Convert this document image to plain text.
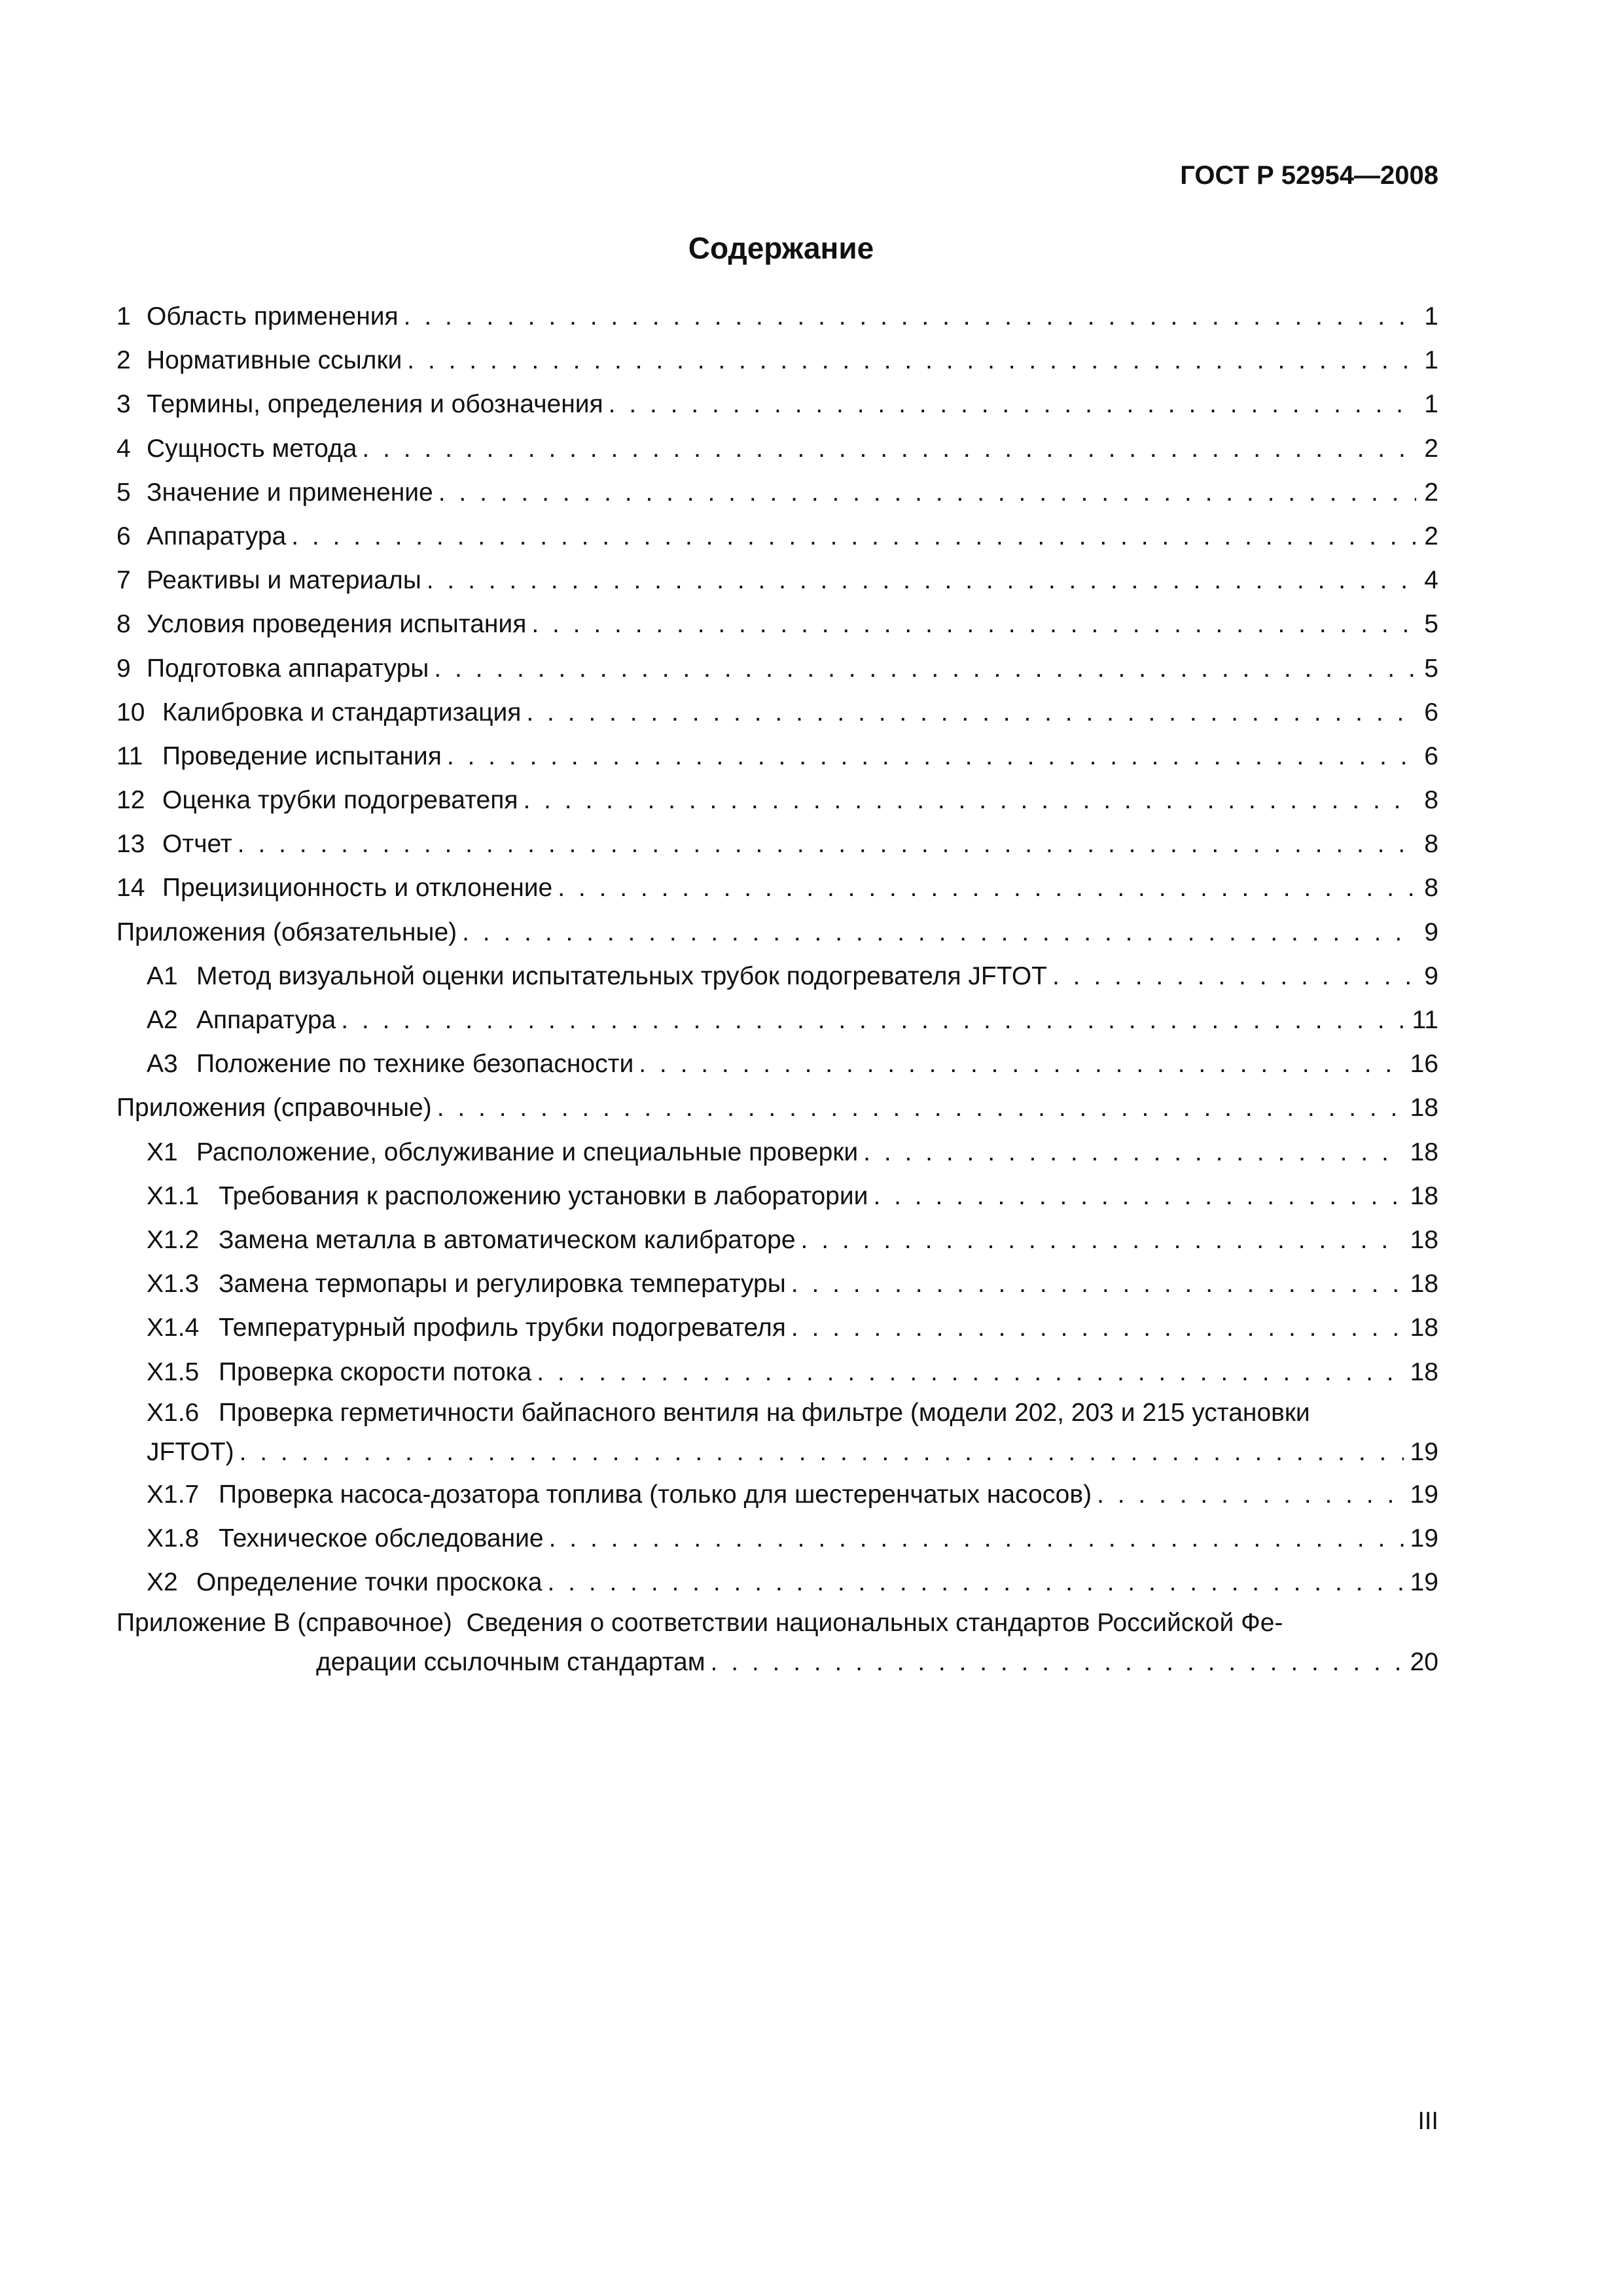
ГОСТ Р 52954—2008
Содержание
1 Область применения . . .	1
2 Нормативные ссылки . . .	1
3 Термины, определения и обозначения . . .	1
4 Сущность метода . . .	2
5 Значение и применение . . .	2
6 Аппаратура . . .	2
7 Реактивы и материалы . . .	4
8 Условия проведения испытания . . .	5
9 Подготовка аппаратуры . . .	5
10 Калибровка и стандартизация . . .	6
11 Проведение испытания . . .	6
12 Оценка трубки подогреватепя . . .	8
13 Отчет . . .	8
14 Прецизиционность и отклонение . . .	8
Приложения (обязательные) . . .	9
А1 Метод визуальной оценки испытательных трубок подогревателя JFTOT . . .	9
А2 Аппаратура . . .	11
А3 Положение по технике безопасности . . .	16
Приложения (справочные) . . .	18
X1 Расположение, обслуживание и специальные проверки . . .	18
X1.1 Требования к расположению установки в лаборатории . . .	18
X1.2 Замена металла в автоматическом калибраторе . . .	18
X1.3 Замена термопары и регулировка температуры . . .	18
X1.4 Температурный профиль трубки подогревателя . . .	18
X1.5 Проверка скорости потока . . .	18
X1.6 Проверка герметичности байпасного вентиля на фильтре (модели 202, 203 и 215 установки
JFTOT) . . .	19
X1.7 Проверка насоса-дозатора топлива (только для шестеренчатых насосов) . . .	19
X1.8 Техническое обследование . . .	19
X2 Определение точки проскока . . .	19
Приложение В (справочное) Сведения о соответствии национальных стандартов Российской Фе-
дерации ссылочным стандартам . . .	20
III
